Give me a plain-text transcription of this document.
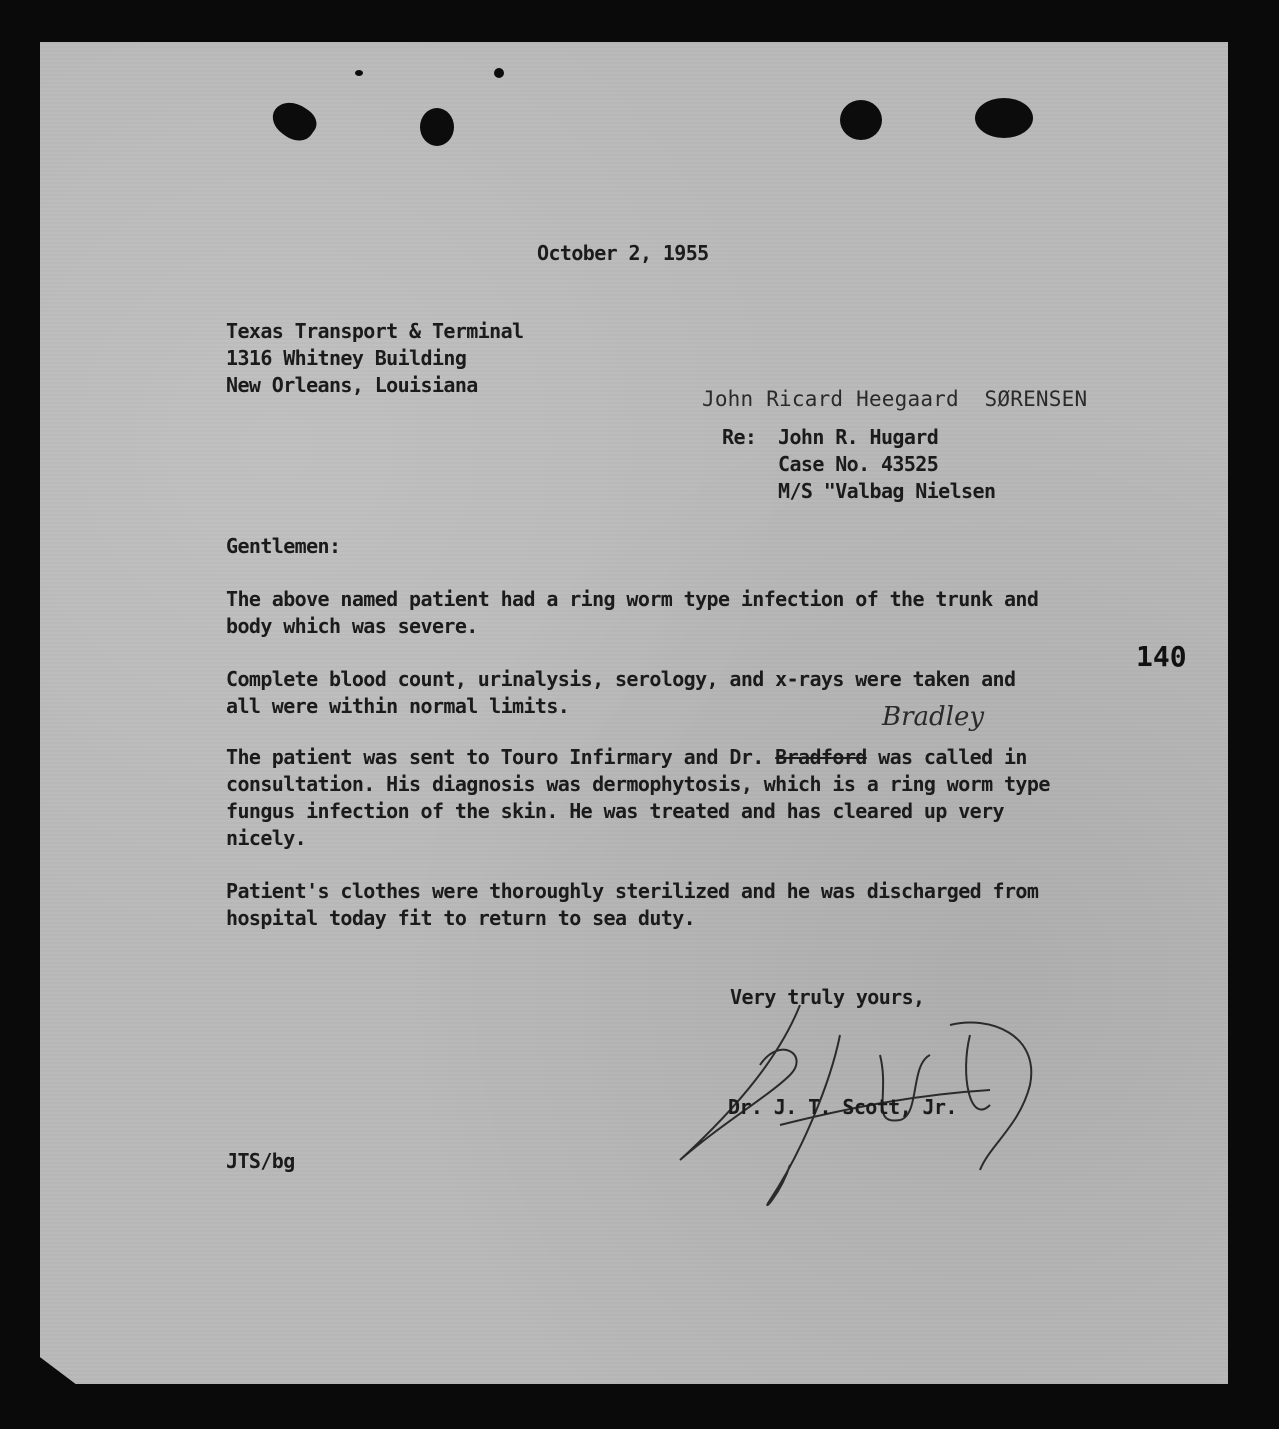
October 2, 1955
Texas Transport & Terminal
1316 Whitney Building
New Orleans, Louisiana
John Ricard Heegaard  SØRENSEN
Re: John R. Hugard
Case No. 43525
M/S "Valbag Nielsen
Gentlemen:
The above named patient had a ring worm type infection of the trunk and body which was severe.
Complete blood count, urinalysis, serology, and x-rays were taken and all were within normal limits.
The patient was sent to Touro Infirmary and Dr. Bradford was called in consultation. His diagnosis was dermophytosis, which is a ring worm type fungus infection of the skin. He was treated and has cleared up very nicely.
Bradley
Patient's clothes were thoroughly sterilized and he was discharged from hospital today fit to return to sea duty.
Very truly yours,
Dr. J. T. Scott, Jr.
JTS/bg
140
